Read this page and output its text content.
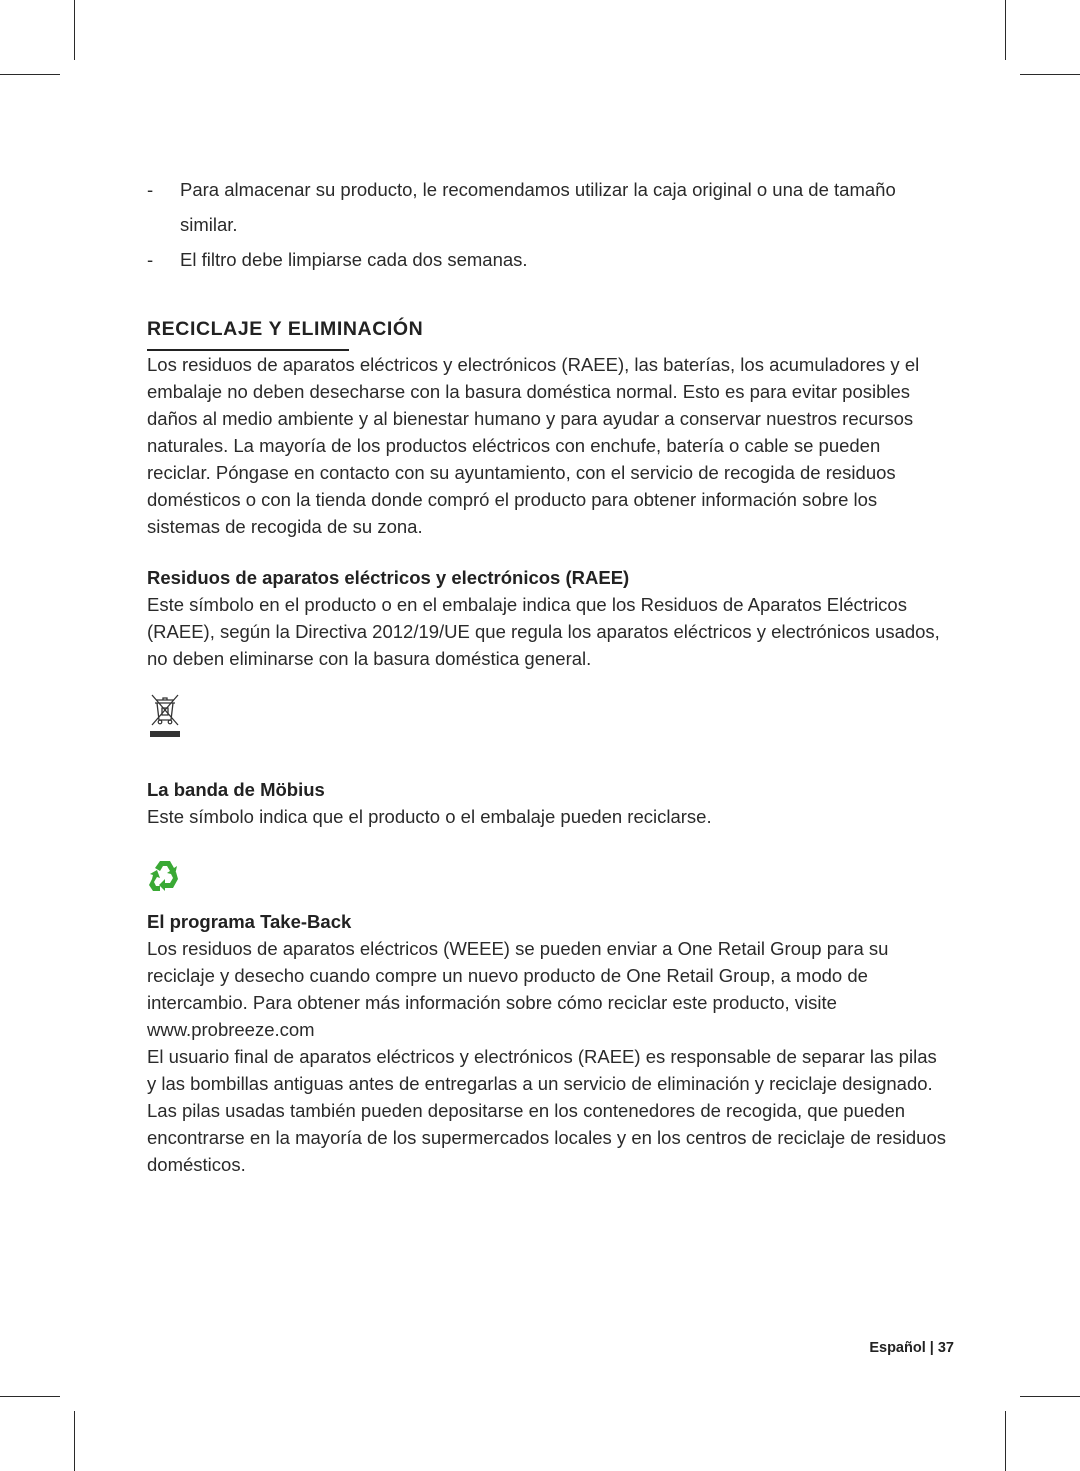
- Para almacenar su producto, le recomendamos utilizar la caja original o una de tamaño similar.
- El filtro debe limpiarse cada dos semanas.
RECICLAJE Y ELIMINACIÓN

Los residuos de aparatos eléctricos y electrónicos (RAEE), las baterías, los acumuladores y el embalaje no deben desecharse con la basura doméstica normal. Esto es para evitar posibles daños al medio ambiente y al bienestar humano y para ayudar a conservar nuestros recursos naturales. La mayoría de los productos eléctricos con enchufe, batería o cable se pueden reciclar. Póngase en contacto con su ayuntamiento, con el servicio de recogida de residuos domésticos o con la tienda donde compró el producto para obtener información sobre los sistemas de recogida de su zona.

Residuos de aparatos eléctricos y electrónicos (RAEE)

Este símbolo en el producto o en el embalaje indica que los Residuos de Aparatos Eléctricos (RAEE), según la Directiva 2012/19/UE que regula los aparatos eléctricos y electrónicos usados, no deben eliminarse con la basura doméstica general.

La banda de Möbius

Este símbolo indica que el producto o el embalaje pueden reciclarse.

El programa Take-Back

Los residuos de aparatos eléctricos (WEEE) se pueden enviar a One Retail Group para su reciclaje y desecho cuando compre un nuevo producto de One Retail Group, a modo de intercambio. Para obtener más información sobre cómo reciclar este producto, visite www.probreeze.com

El usuario final de aparatos eléctricos y electrónicos (RAEE) es responsable de separar las pilas y las bombillas antiguas antes de entregarlas a un servicio de eliminación y reciclaje designado. Las pilas usadas también pueden depositarse en los contenedores de recogida, que pueden encontrarse en la mayoría de los supermercados locales y en los centros de reciclaje de residuos domésticos.

Español | 37
